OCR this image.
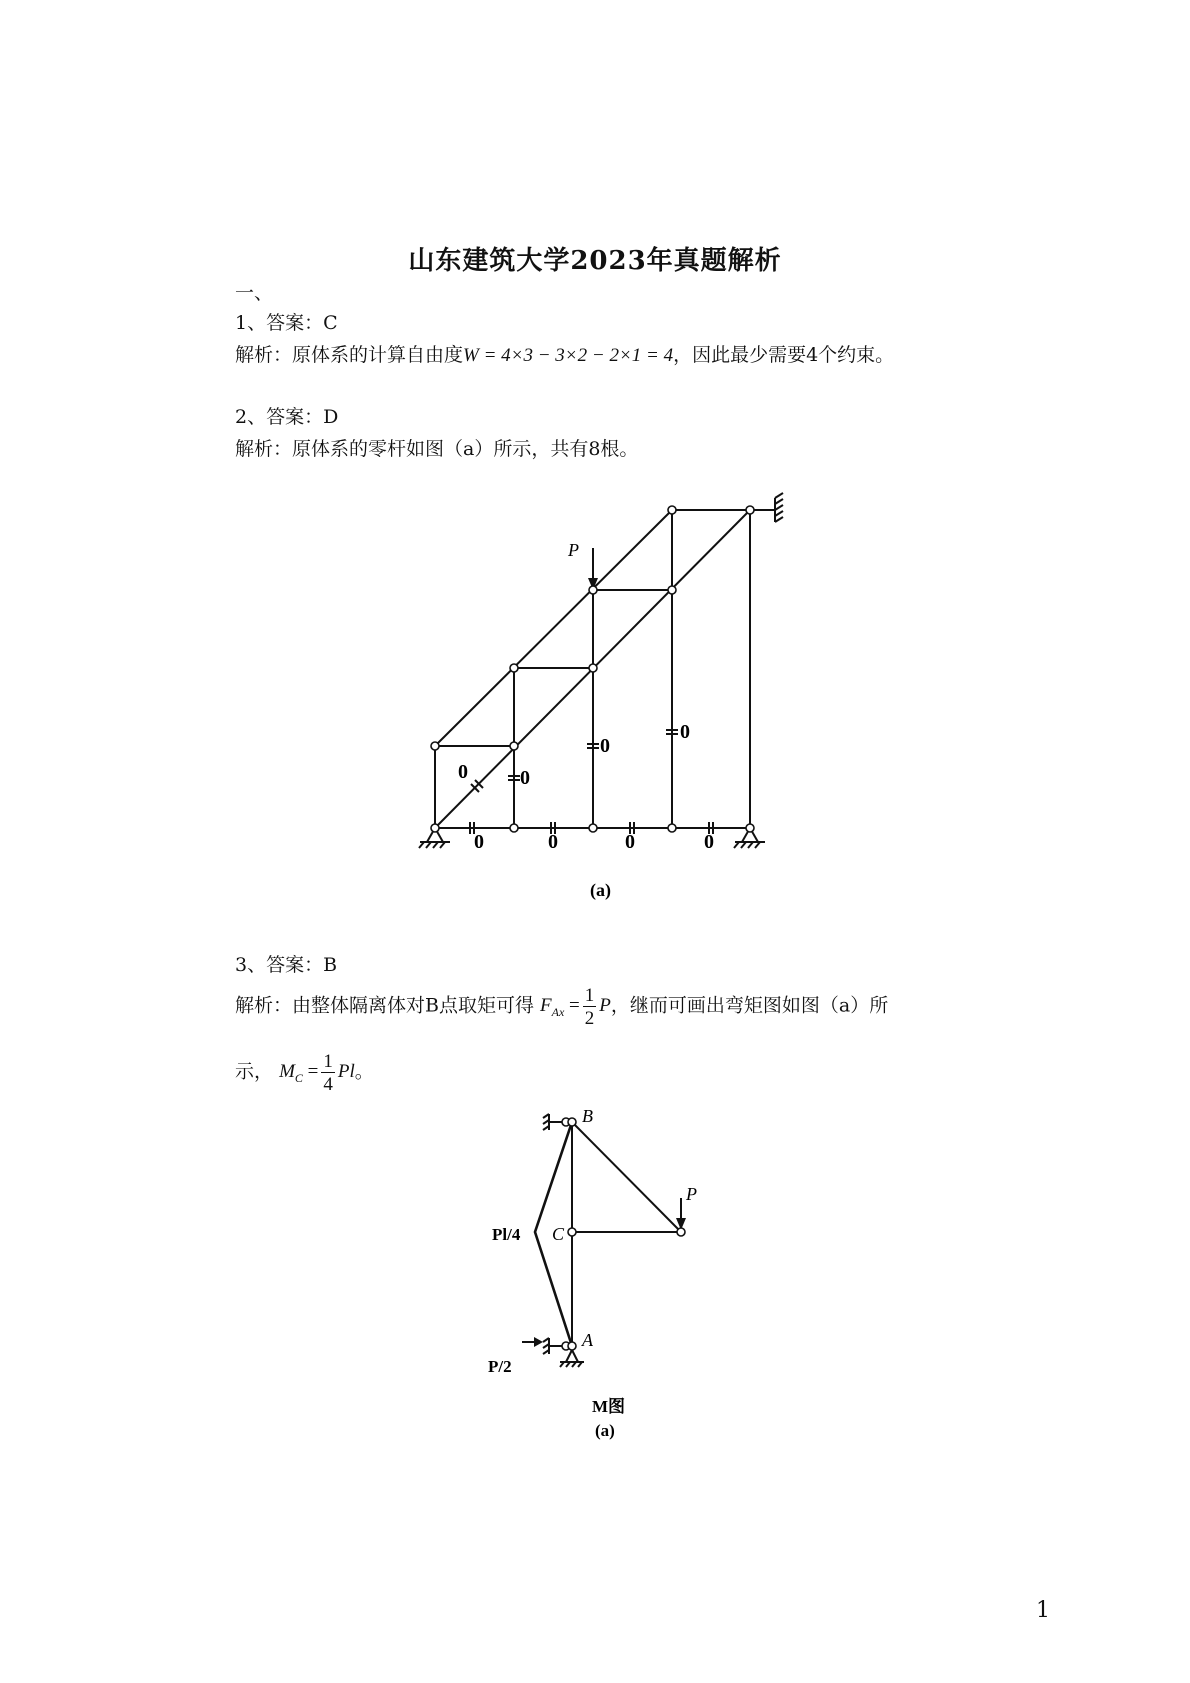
山东建筑大学2023年真题解析
一、
1、答案：C
解析：原体系的计算自由度W = 4×3 − 3×2 − 2×1 = 4，因此最少需要4个约束。
2、答案：D
解析：原体系的零杆如图（a）所示，共有8根。
P
0	0
0
0
0	0	0	0
(a)
3、答案：B
解析：由整体隔离体对B点取矩可得 $F_{Ax} = \frac{1}{2}$ P，继而可画出弯矩图如图（a）所
示， $M_C = \frac{1}{4}$ Pl。
B
C
A
P
Pl/4
P/2
M图
(a)
1
